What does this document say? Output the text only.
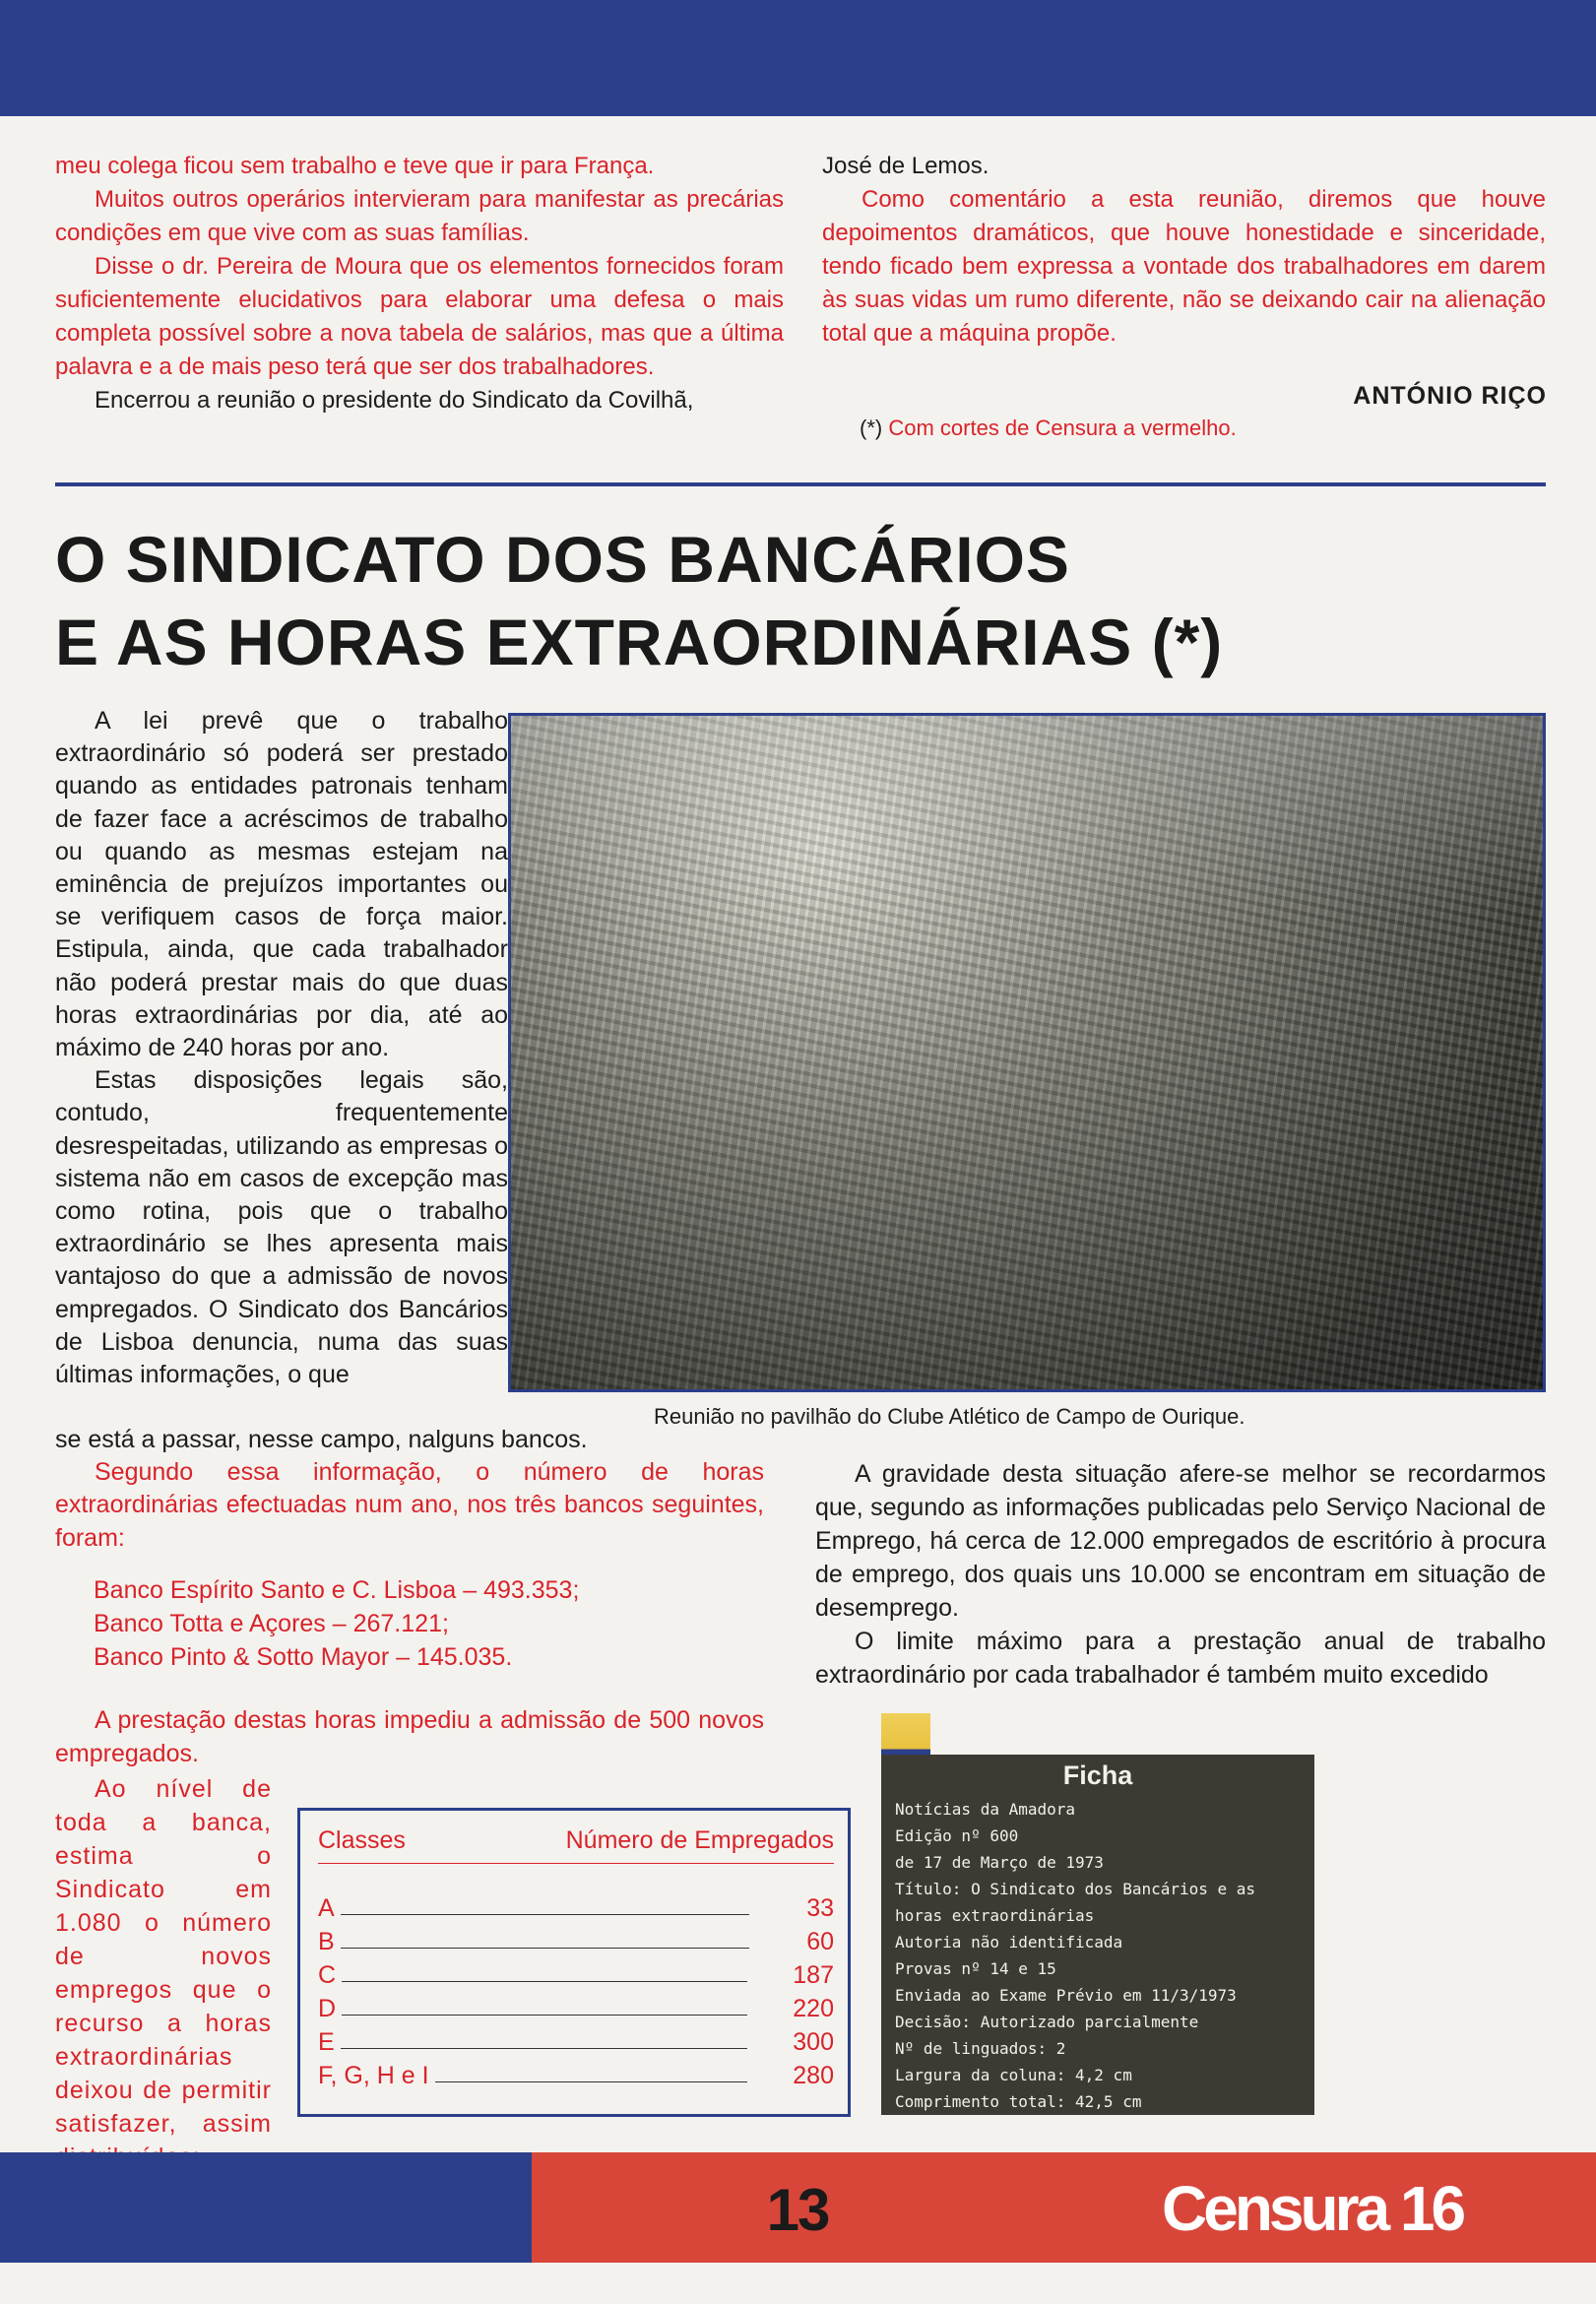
meu colega ficou sem trabalho e teve que ir para França.

Muitos outros operários intervieram para manifestar as precárias condições em que vive com as suas famílias.

Disse o dr. Pereira de Moura que os elementos fornecidos foram suficientemente elucidativos para elaborar uma defesa o mais completa possível sobre a nova tabela de salários, mas que a última palavra e a de mais peso terá que ser dos trabalhadores.

Encerrou a reunião o presidente do Sindicato da Covilhã,

José de Lemos.

Como comentário a esta reunião, diremos que houve depoimentos dramáticos, que houve honestidade e sinceridade, tendo ficado bem expressa a vontade dos trabalhadores em darem às suas vidas um rumo diferente, não se deixando cair na alienação total que a máquina propõe.

ANTÓNIO RIÇO
(*) Com cortes de Censura a vermelho.
O SINDICATO DOS BANCÁRIOS
E AS HORAS EXTRAORDINÁRIAS (*)

A lei prevê que o trabalho extraordinário só poderá ser prestado quando as entidades patronais tenham de fazer face a acréscimos de trabalho ou quando as mesmas estejam na eminência de prejuízos importantes ou se verifiquem casos de força maior. Estipula, ainda, que cada trabalhador não poderá prestar mais do que duas horas extraordinárias por dia, até ao máximo de 240 horas por ano.

Estas disposições legais são, contudo, frequentemente desrespeitadas, utilizando as empresas o sistema não em casos de excepção mas como rotina, pois que o trabalho extraordinário se lhes apresenta mais vantajoso do que a admissão de novos empregados. O Sindicato dos Bancários de Lisboa denuncia, numa das suas últimas informações, o que

Reunião no pavilhão do Clube Atlético de Campo de Ourique.

se está a passar, nesse campo, nalguns bancos.

Segundo essa informação, o número de horas extraordinárias efectuadas num ano, nos três bancos seguintes, foram:

Banco Espírito Santo e C. Lisboa – 493.353;
Banco Totta e Açores – 267.121;
Banco Pinto & Sotto Mayor – 145.035.

A gravidade desta situação afere-se melhor se recordarmos que, segundo as informações publicadas pelo Serviço Nacional de Emprego, há cerca de 12.000 empregados de escritório à procura de emprego, dos quais uns 10.000 se encontram em situação de desemprego.

O limite máximo para a prestação anual de trabalho extraordinário por cada trabalhador é também muito excedido

A prestação destas horas impediu a admissão de 500 novos empregados.

Ao nível de toda a banca, estima o Sindicato em 1.080 o número de novos empregos que o recurso a horas extraordinárias deixou de permitir satisfazer, assim

Classes	Número de Empregados
A	33
B	60
C	187
D	220
E	300
F, G, H e I	280
Ficha
Notícias da Amadora
Edição nº 600
de 17 de Março de 1973
Título: O Sindicato dos Bancários e as
horas extraordinárias
Autoria não identificada
Provas nº 14 e 15
Enviada ao Exame Prévio em 11/3/1973
Decisão: Autorizado parcialmente
Nº de linguados: 2
Largura da coluna: 4,2 cm
Comprimento total: 42,5 cm
13	Censura 16
